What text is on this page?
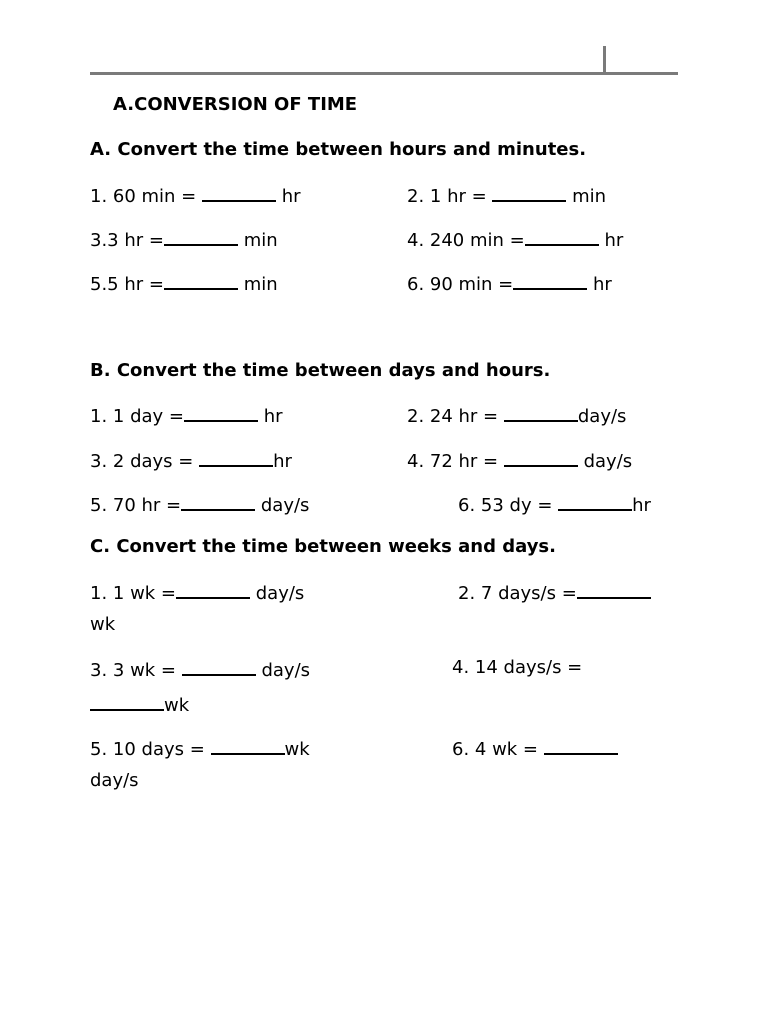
A.CONVERSION OF TIME
A. Convert the time between hours and minutes.
1. 60 min =	hr	2. 1 hr =	min
3.3 hr =	min	4. 240 min =	hr
5.5 hr =	min	6. 90 min =	hr
B. Convert the time between days and hours.
1. 1 day =	hr	2. 24 hr =	day/s
3. 2 days =	hr	4. 72 hr =	day/s
5. 70 hr =	day/s	6. 53 dy =	hr
C. Convert the time between weeks and days.
1. 1 wk =	day/s	2. 7 days/s =
wk
3. 3 wk =	day/s	4. 14 days/s =
wk
5. 10 days =	wk	6. 4 wk =
day/s
